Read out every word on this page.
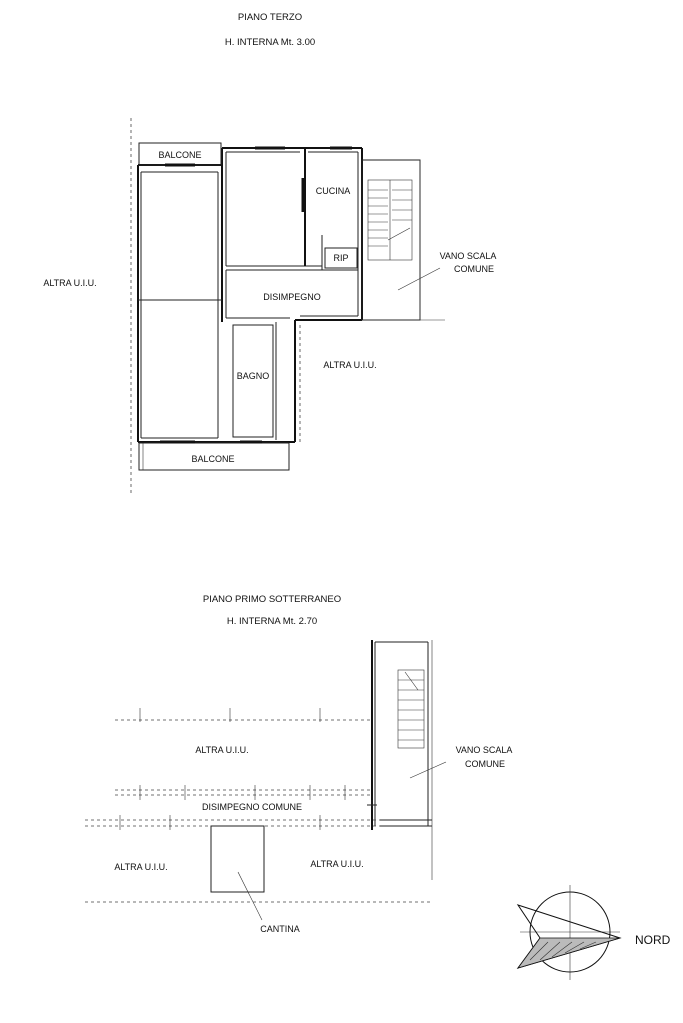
PIANO TERZO
H. INTERNA Mt. 3.00
BALCONE
CUCINA
RIP	VANO SCALA
COMUNE
ALTRA U.I.U.
DISIMPEGNO
ALTRA U.I.U.
BAGNO
BALCONE
PIANO PRIMO SOTTERRANEO
H. INTERNA Mt. 2.70
ALTRA U.I.U.	VANO SCALA
COMUNE
DISIMPEGNO COMUNE
ALTRA U.I.U.	ALTRA U.I.U.
CANTINA
NORD
